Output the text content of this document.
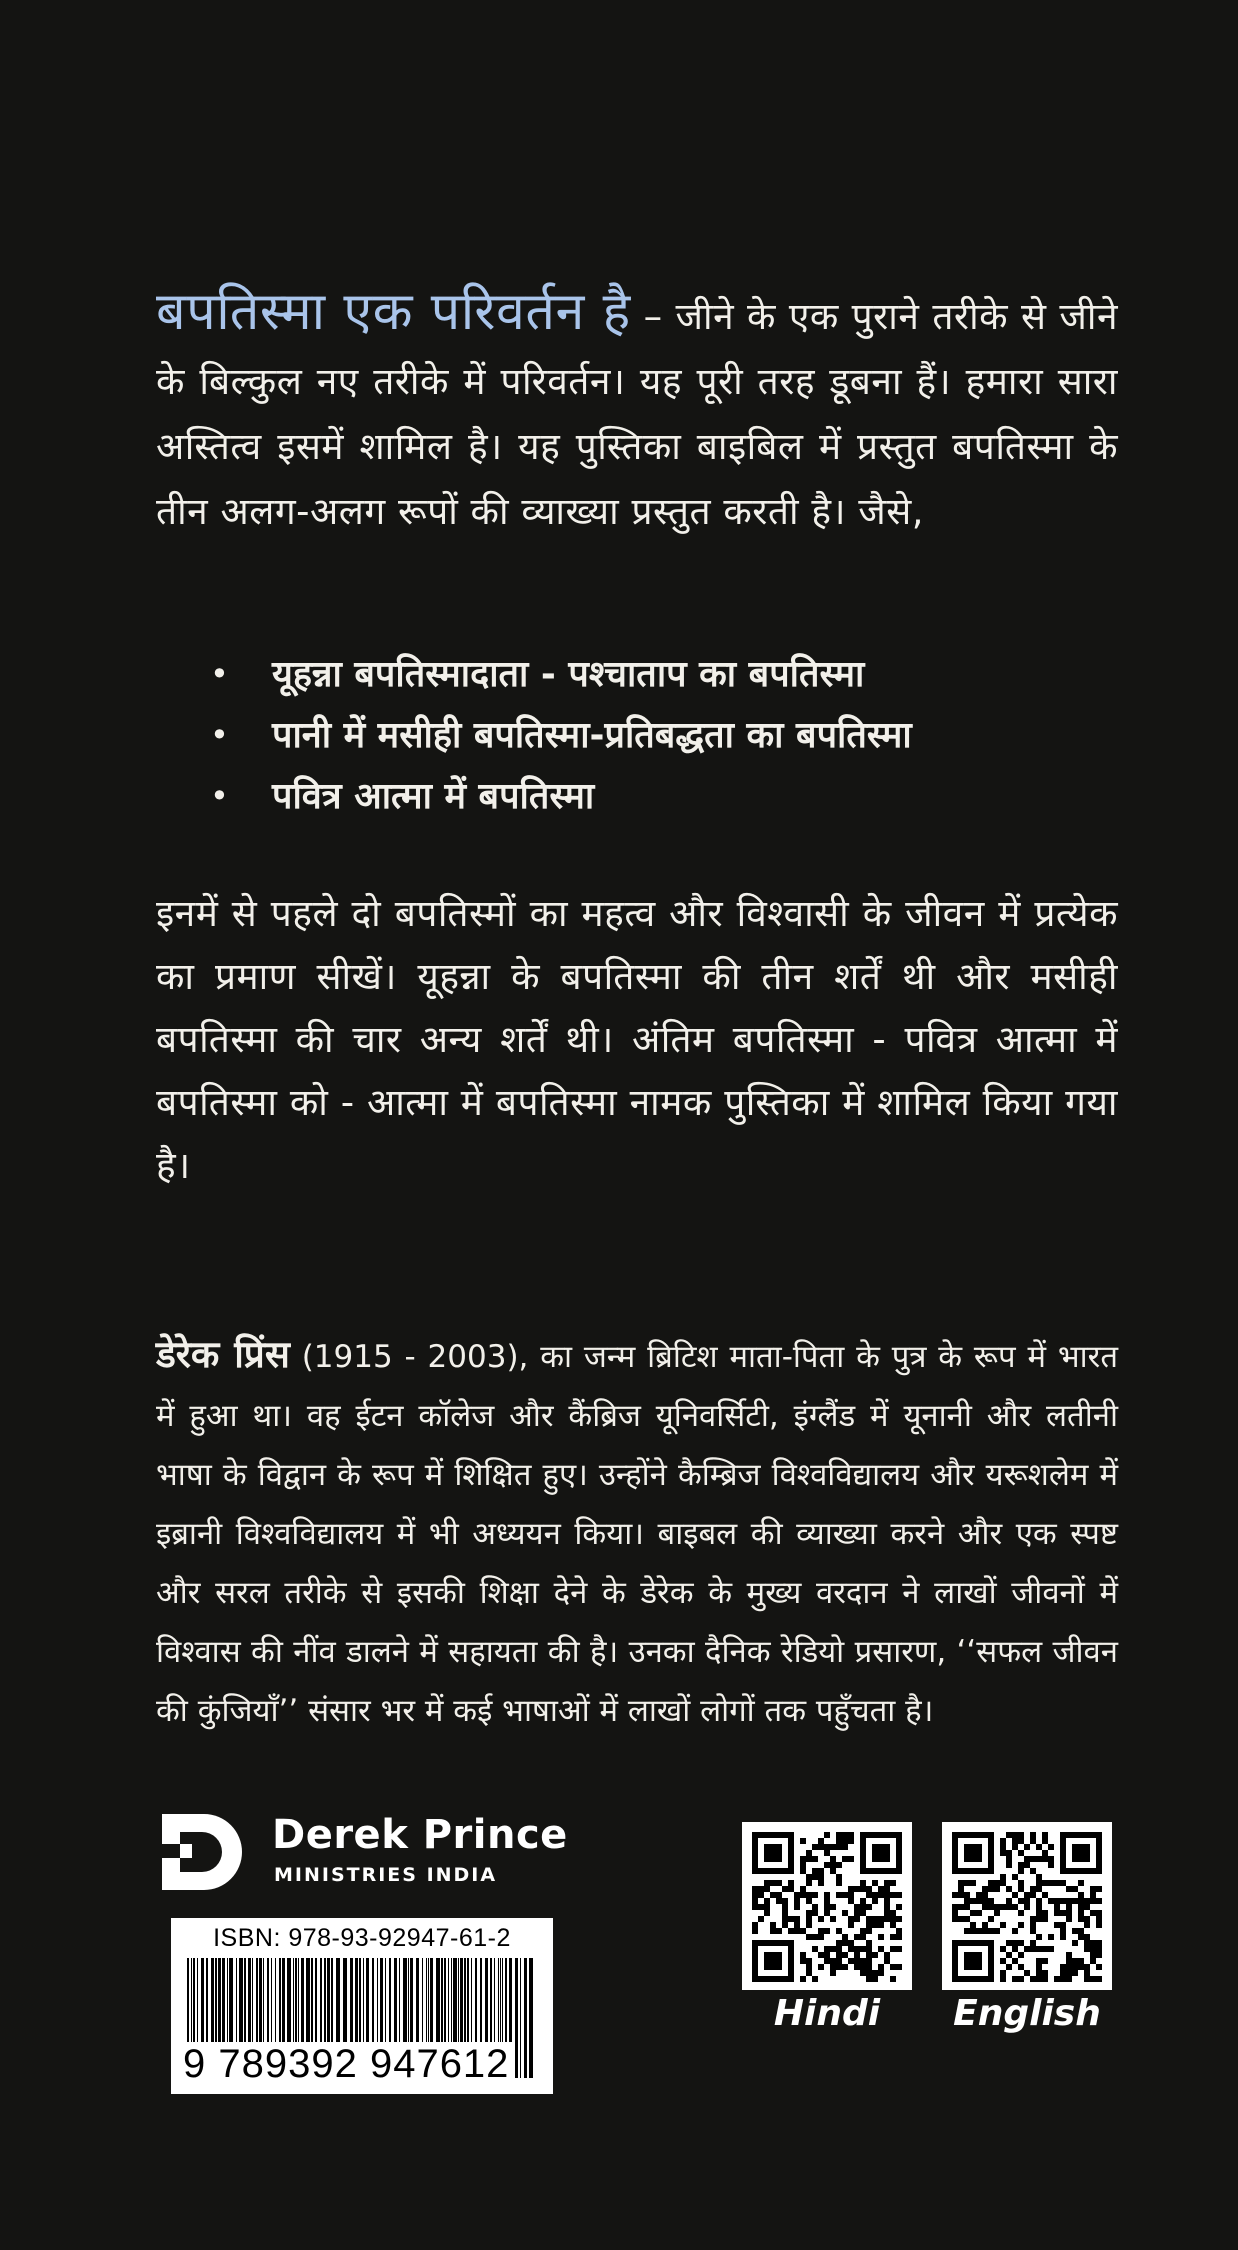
बपतिस्मा एक परिवर्तन है – जीने के एक पुराने तरीके से जीने के बिल्कुल नए तरीके में परिवर्तन। यह पूरी तरह डूबना हैं। हमारा सारा अस्तित्व इसमें शामिल है। यह पुस्तिका बाइबिल में प्रस्तुत बपतिस्मा के तीन अलग-अलग रूपों की व्याख्या प्रस्तुत करती है। जैसे,

• यूहन्ना बपतिस्मादाता - पश्चाताप का बपतिस्मा
• पानी में मसीही बपतिस्मा-प्रतिबद्धता का बपतिस्मा
• पवित्र आत्मा में बपतिस्मा

इनमें से पहले दो बपतिस्मों का महत्व और विश्वासी के जीवन में प्रत्येक का प्रमाण सीखें। यूहन्ना के बपतिस्मा की तीन शर्तें थी और मसीही बपतिस्मा की चार अन्य शर्तें थी। अंतिम बपतिस्मा - पवित्र आत्मा में बपतिस्मा को - आत्मा में बपतिस्मा नामक पुस्तिका में शामिल किया गया है।

डेरेक प्रिंस (1915 - 2003), का जन्म ब्रिटिश माता-पिता के पुत्र के रूप में भारत में हुआ था। वह ईटन कॉलेज और कैंब्रिज यूनिवर्सिटी, इंग्लैंड में यूनानी और लतीनी भाषा के विद्वान के रूप में शिक्षित हुए। उन्होंने कैम्ब्रिज विश्वविद्यालय और यरूशलेम में इब्रानी विश्वविद्यालय में भी अध्ययन किया। बाइबल की व्याख्या करने और एक स्पष्ट और सरल तरीके से इसकी शिक्षा देने के डेरेक के मुख्य वरदान ने लाखों जीवनों में विश्वास की नींव डालने में सहायता की है। उनका दैनिक रेडियो प्रसारण, ‘‘सफल जीवन की कुंजियाँ’’ संसार भर में कई भाषाओं में लाखों लोगों तक पहुँचता है।

Derek Prince
MINISTRIES INDIA
ISBN: 978-93-92947-61-2
9 789392 947612
Hindi	English
